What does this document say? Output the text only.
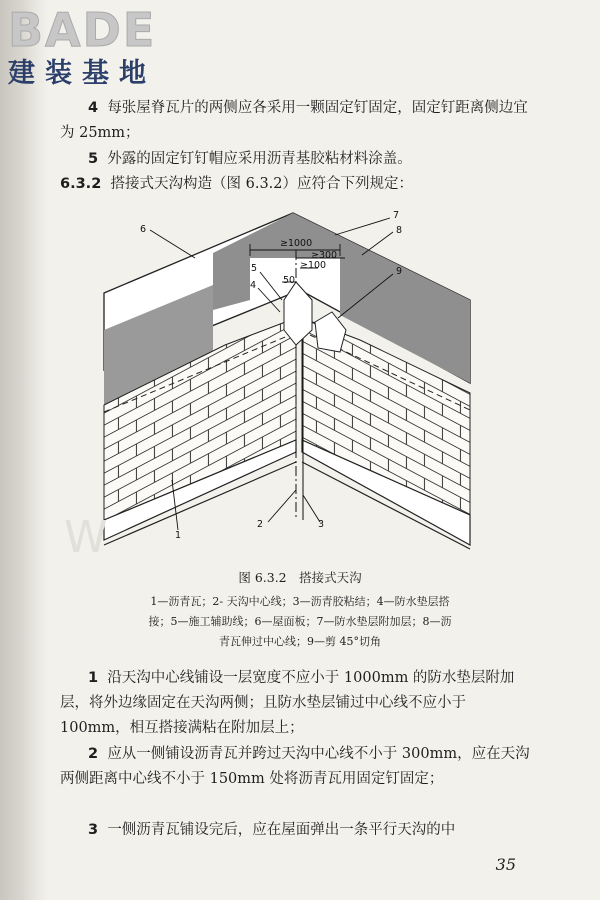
BADE
建装基地

4 每张屋脊瓦片的两侧应各采用一颗固定钉固定，固定钉距离侧边宜为 25mm；

5 外露的固定钉钉帽应采用沥青基胶粘材料涂盖。

6.3.2 搭接式天沟构造（图 6.3.2）应符合下列规定：

6
7
8
9
5
4
2	3
1
≥1000
≥300
≥100
50
W

图 6.3.2　搭接式天沟

1—沥青瓦；2- 天沟中心线；3—沥青胶粘结；4—防水垫层搭

接；5—施工辅助线；6—屋面板；7—防水垫层附加层；8—沥

青瓦伸过中心线；9—剪 45°切角

1 沿天沟中心线铺设一层宽度不应小于 1000mm 的防水垫层附加层，将外边缘固定在天沟两侧；且防水垫层铺过中心线不应小于 100mm，相互搭接满粘在附加层上；

2 应从一侧铺设沥青瓦并跨过天沟中心线不小于 300mm，应在天沟两侧距离中心线不小于 150mm 处将沥青瓦用固定钉固定；

3 一侧沥青瓦铺设完后，应在屋面弹出一条平行天沟的中

35
